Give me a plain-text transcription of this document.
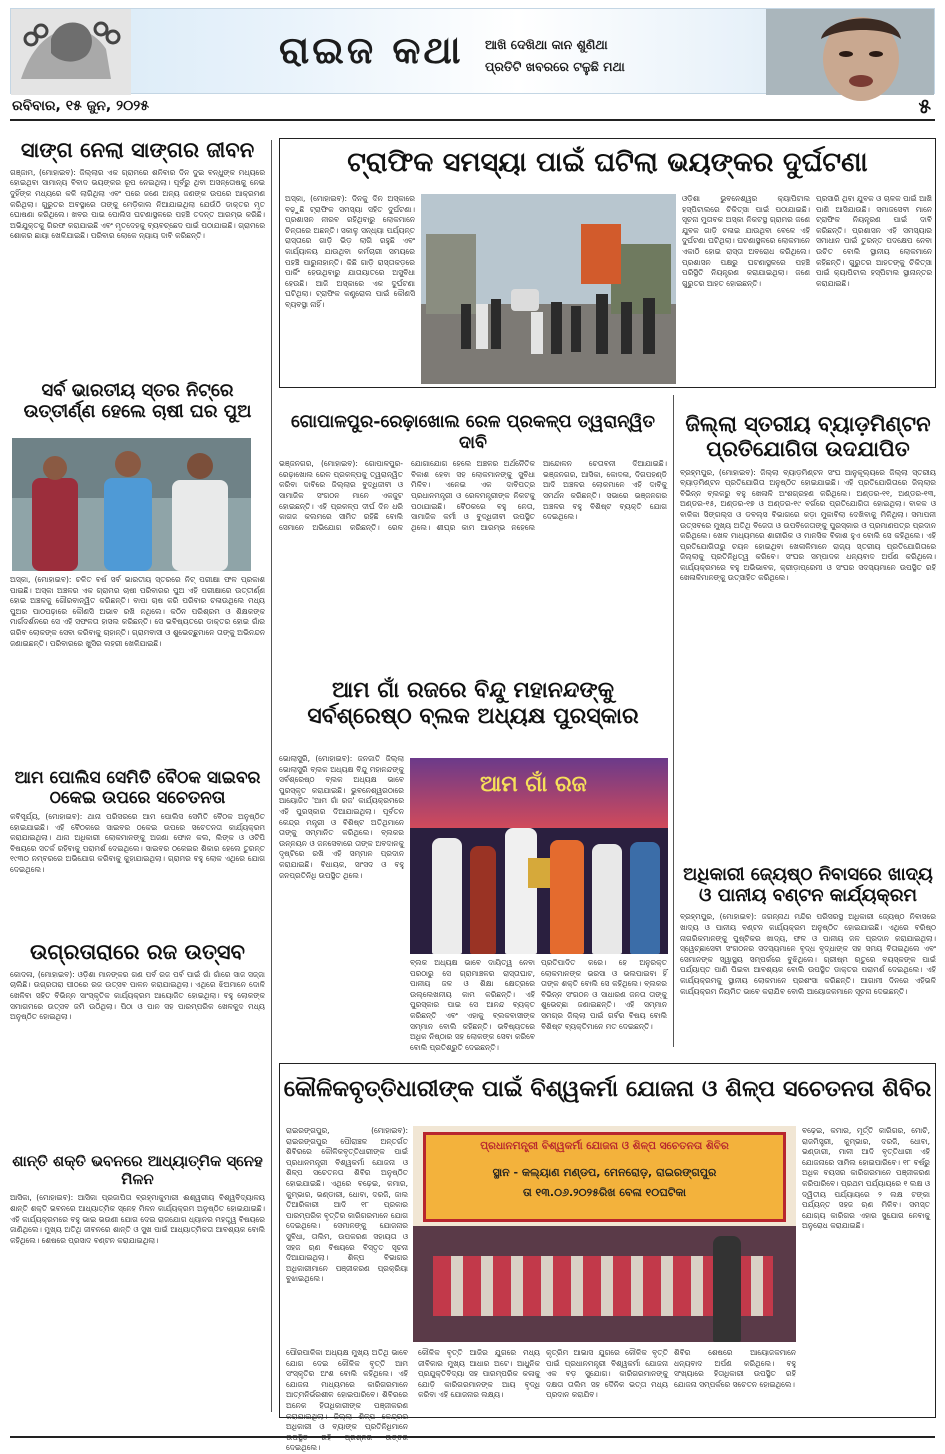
ରାଇଜ କଥା ଆଖି ଦେଖିଥା କାନ ଶୁଣିଥା
ପ୍ରତିଟି ଖବରରେ ଟଳୁଛି ମଥା
ରବିବାର, ୧୫ ଜୁନ, ୨୦୨୫	୫
ସାଙ୍ଗ ନେଲା ସାଙ୍ଗର ଜୀବନ
ଗଞ୍ଜାମ, (ମୋହାଇବ): ଜିଲ୍ଲାର ଏକ ଗ୍ରାମରେ ଶନିବାର ଦିନ ଦୁଇ ବନ୍ଧୁଙ୍କ ମଧ୍ୟରେ ହୋଇଥିବା ସାମାନ୍ୟ ବିବାଦ ଭୟଙ୍କର ରୂପ ନେଇଥିଲା। ପୂର୍ବରୁ ଥିବା ଅସନ୍ତୋଷକୁ ନେଇ ଦୁହିଁଙ୍କ ମଧ୍ୟରେ କଳି ଲାଗିଥିଲା ଏବଂ ପରେ ଜଣେ ଅନ୍ୟ ଜଣଙ୍କ ଉପରେ ଆକ୍ରମଣ କରିଥିଲା। ଗୁରୁତର ଅବସ୍ଥାରେ ତାଙ୍କୁ ମେଡ଼ିକାଲ ନିଆଯାଇଥିଲା ଯେଉଁଠି ଡାକ୍ତର ମୃତ ଘୋଷଣା କରିଥିଲେ। ଖବର ପାଇ ପୋଲିସ ଘଟଣାସ୍ଥଳରେ ପହଞ୍ଚି ତଦନ୍ତ ଆରମ୍ଭ କରିଛି। ଅଭିଯୁକ୍ତକୁ ଗିରଫ କରାଯାଇଛି ଏବଂ ମୃତଦେହକୁ ବ୍ୟବଚ୍ଛେଦ ପାଇଁ ପଠାଯାଇଛି। ଗ୍ରାମରେ ଶୋକର ଛାୟା ଖେଳିଯାଇଛି। ପରିବାର ଲୋକେ ନ୍ୟାୟ ଦାବି କରିଛନ୍ତି।
ସର୍ବ ଭାରତୀୟ ସ୍ତର ନିଟ୍‌ରେ ଉତ୍ତୀର୍ଣ୍ଣ ହେଲେ ଚାଷୀ ଘର ପୁଅ
ଅସ୍କା, (ମୋହାଇବ): ଚଳିତ ବର୍ଷ ସର୍ବ ଭାରତୀୟ ସ୍ତରରେ ନିଟ୍ ପରୀକ୍ଷା ଫଳ ପ୍ରକାଶ ପାଇଛି। ଅସ୍କା ଅଞ୍ଚଳର ଏକ ଗ୍ରାମର ଚାଷୀ ପରିବାରର ପୁଅ ଏହି ପରୀକ୍ଷାରେ ଉତ୍ତୀର୍ଣ୍ଣ ହୋଇ ଅଞ୍ଚଳକୁ ଗୌରବାନ୍ୱିତ କରିଛନ୍ତି। ବାପା ଚାଷ କରି ପରିବାର ଚଳାଉଥିଲେ ମଧ୍ୟ ପୁଅର ପାଠପଢ଼ାରେ କୌଣସି ଅଭାବ ରଖି ନଥିଲେ। କଠିନ ପରିଶ୍ରମ ଓ ଶିକ୍ଷକଙ୍କ ମାର୍ଗଦର୍ଶନରେ ସେ ଏହି ସଫଳତା ହାସଲ କରିଛନ୍ତି। ସେ ଭବିଷ୍ୟତରେ ଡାକ୍ତର ହୋଇ ଗାଁର ଗରିବ ଲୋକଙ୍କ ସେବା କରିବାକୁ ଚାହାନ୍ତି। ଗ୍ରାମବାସୀ ଓ ଶୁଭେଚ୍ଛୁମାନେ ତାଙ୍କୁ ଅଭିନନ୍ଦନ ଜଣାଇଛନ୍ତି। ପରିବାରରେ ଖୁସିର ଲହରୀ ଖେଳିଯାଇଛି।
ଆମ ପୋଲିସ ସେମିତି ବୈଠକ ସାଇବର ଠକେଇ ଉପରେ ସଚେତନତା
କବିସୂର୍ଯ୍ୟ, (ମୋହାଇବ): ଥାନା ପରିସରରେ ଆମ ପୋଲିସ ସେମିତି ବୈଠକ ଅନୁଷ୍ଠିତ ହୋଇଯାଇଛି। ଏହି ବୈଠକରେ ସାଇବର ଠକେଇ ଉପରେ ସଚେତନତା କାର୍ଯ୍ୟକ୍ରମ କରାଯାଇଥିଲା। ଥାନା ଅଧିକାରୀ ଲୋକମାନଙ୍କୁ ଅଜଣା ଫୋନ କଲ, ଲିଙ୍କ ଓ ଓଟିପି ବିଷୟରେ ସତର୍କ ରହିବାକୁ ପରାମର୍ଶ ଦେଇଥିଲେ। ସାଇବର ଠକେଇର ଶିକାର ହେଲେ ତୁରନ୍ତ ୧୯୩୦ ନମ୍ବରରେ ଅଭିଯୋଗ କରିବାକୁ କୁହାଯାଇଥିଲା। ଗ୍ରାମର ବହୁ ଲୋକ ଏଥିରେ ଯୋଗ ଦେଇଥିଲେ।
ଉଗ୍ରତାରାରେ ରଜ ଉତ୍ସବ
କୋଦଳା, (ମୋହାଇବ): ଓଡ଼ିଶା ମାନଙ୍କର ଗଣ ପର୍ବ ରଜ ପର୍ବ ପାଇଁ ଗାଁ ଗାଁରେ ସାଜ ସଜ୍ଜା ଚାଲିଛି। ଉଗ୍ରତାରା ପୀଠରେ ରଜ ଉତ୍ସବ ପାଳନ କରାଯାଇଥିଲା। ଏଥିରେ ଝିଅମାନେ ଦୋଳି ଖେଳିବା ସହିତ ବିଭିନ୍ନ ସାଂସ୍କୃତିକ କାର୍ଯ୍ୟକ୍ରମ ଆୟୋଜିତ ହୋଇଥିଲା। ବହୁ ଲୋକଙ୍କ ସମାଗମରେ ଉତ୍ସବ ଜମି ଉଠିଥିଲା। ପିଠା ଓ ପାନ ସହ ପାରମ୍ପରିକ ଖେଳକୁଦ ମଧ୍ୟ ଅନୁଷ୍ଠିତ ହୋଇଥିଲା।
ଶାନ୍ତି ଶକ୍ତି ଭବନରେ ଆଧ୍ୟାତ୍ମିକ ସ୍ନେହ ମିଳନ
ଆସିକା, (ମୋହାଇବ): ଆସିକା ପ୍ରଜାପିତା ବ୍ରହ୍ମାକୁମାରୀ ଈଶ୍ୱରୀୟ ବିଶ୍ୱବିଦ୍ୟାଳୟ ଶାନ୍ତି ଶକ୍ତି ଭବନରେ ଆଧ୍ୟାତ୍ମିକ ସ୍ନେହ ମିଳନ କାର୍ଯ୍ୟକ୍ରମ ଅନୁଷ୍ଠିତ ହୋଇଯାଇଛି। ଏହି କାର୍ଯ୍ୟକ୍ରମରେ ବହୁ ଭାଇ ଭଉଣୀ ଯୋଗ ଦେଇ ରାଜଯୋଗ ଧ୍ୟାନର ମହତ୍ତ୍ୱ ବିଷୟରେ ଜାଣିଥିଲେ। ମୁଖ୍ୟ ଅତିଥି ଜୀବନରେ ଶାନ୍ତି ଓ ସୁଖ ପାଇଁ ଆଧ୍ୟାତ୍ମିକତା ଆବଶ୍ୟକ ବୋଲି କହିଥିଲେ। ଶେଷରେ ପ୍ରସାଦ ବଣ୍ଟନ କରାଯାଇଥିଲା।
ଟ୍ରାଫିକ ସମସ୍ୟା ପାଇଁ ଘଟିଲା ଭୟଙ୍କର ଦୁର୍ଘଟଣା
ଅସ୍କା, (ମୋହାଇବ): ଦିନକୁ ଦିନ ଅସ୍କାରେ ବଢ଼ୁଛି ଟ୍ରାଫିକ ସମସ୍ୟା ସହିତ ଦୁର୍ଘଟଣା। ପ୍ରଶାସନ ନୀରବ ରହିଥିବାରୁ ଲୋକମାନେ ଚିନ୍ତାରେ ଅଛନ୍ତି। ସକାଳୁ ସନ୍ଧ୍ୟା ପର୍ଯ୍ୟନ୍ତ ରାସ୍ତାରେ ଗାଡ଼ି ଭିଡ଼ ଲାଗି ରହୁଛି ଏବଂ କାର୍ଯ୍ୟାଳୟ ଯାଉଥିବା କର୍ମଚାରୀ ସମୟରେ ପହଞ୍ଚି ପାରୁନାହାନ୍ତି। କିଛି ଗାଡ଼ି ରାସ୍ତାକଡ଼ରେ ପାର୍କିଂ ହେଉଥିବାରୁ ଯାତାୟାତରେ ଅସୁବିଧା ହେଉଛି। ଆଜି ଅସ୍କାରେ ଏକ ଦୁର୍ଘଟଣା ଘଟିଥିଲା। ଟ୍ରାଫିକ କଣ୍ଟ୍ରୋଲ ପାଇଁ କୌଣସି ବ୍ୟବସ୍ଥା ନାହିଁ।
ଓଡ଼ିଶା ଭୁବନେଶ୍ୱର କ୍ୟାପିଟାଲ ହସ୍ପିଟାଲରେ ଚିକିତ୍ସା ପାଇଁ ପଠାଯାଇଛି। ସୂଚନା ମୁତାବକ ଅସ୍କା ନିକଟସ୍ଥ ଗ୍ରାମର ଜଣେ ଯୁବକ ଗାଡ଼ି ଚଳାଇ ଯାଉଥିବା ବେଳେ ଏହି ଦୁର୍ଘଟଣା ଘଟିଥିଲା। ଘଟଣାସ୍ଥଳରେ ଲୋକମାନେ ଏକାଠି ହୋଇ ରାସ୍ତା ଅବରୋଧ କରିଥିଲେ। ପ୍ରଶାସନ ପକ୍ଷରୁ ଘଟଣାସ୍ଥଳରେ ପହଞ୍ଚି ପରିସ୍ଥିତି ନିୟନ୍ତ୍ରଣ କରାଯାଇଥିଲା। ଜଣେ ଗୁରୁତର ଆହତ ହୋଇଛନ୍ତି।
ପ୍ରସାରି ଥିବା ଯୁବକ ଓ ଚାଳକ ପାଇଁ ଆଖି ପାଣି ଆସିଯାଉଛି। ସମାଜସେବୀ ମାନେ ଟ୍ରାଫିକ ନିୟନ୍ତ୍ରଣ ପାଇଁ ଦାବି କରିଛନ୍ତି। ପ୍ରଶାସନ ଏହି ସମସ୍ୟାର ସମାଧାନ ପାଇଁ ତୁରନ୍ତ ପଦକ୍ଷେପ ନେବା ଉଚିତ ବୋଲି ସ୍ଥାନୀୟ ଲୋକମାନେ କହିଛନ୍ତି। ଗୁରୁତର ଆହତଙ୍କୁ ଚିକିତ୍ସା ପାଇଁ କ୍ୟାପିଟାଲ ହସ୍ପିଟାଲ ସ୍ଥାନାନ୍ତର କରାଯାଇଛି।
ଗୋପାଳପୁର-ରେଢ଼ାଖୋଲ ରେଳ ପ୍ରକଳ୍ପ ତ୍ୱରାନ୍ୱିତ ଦାବି
ଭଞ୍ଜନଗର, (ମୋହାଇବ): ଗୋପାଳପୁର-ରେଢ଼ାଖୋଲ ରେଳ ପ୍ରକଳ୍ପକୁ ତ୍ୱରାନ୍ୱିତ କରିବା ଦାବିରେ ଜିଲ୍ଲାର ବୁଦ୍ଧିଜୀବୀ ଓ ସାମାଜିକ ସଂଗଠନ ମାନେ ଏକଜୁଟ ହୋଇଛନ୍ତି। ଏହି ପ୍ରକଳ୍ପ ଦୀର୍ଘ ଦିନ ଧରି କାଗଜ କଲମରେ ସୀମିତ ରହିଛି ବୋଲି ସେମାନେ ଅଭିଯୋଗ କରିଛନ୍ତି। ରେଳ ଯୋଗାଯୋଗ ହେଲେ ଅଞ୍ଚଳର ଅର୍ଥନୈତିକ ବିକାଶ ହେବା ସହ ଲୋକମାନଙ୍କୁ ସୁବିଧା ମିଳିବ। ଏନେଇ ଏକ ଦାବିପତ୍ର ପ୍ରଧାନମନ୍ତ୍ରୀ ଓ ରେଳମନ୍ତ୍ରୀଙ୍କ ନିକଟକୁ ପଠାଯାଇଛି। ବୈଠକରେ ବହୁ ନେତା, ସାମାଜିକ କର୍ମୀ ଓ ବୁଦ୍ଧିଜୀବୀ ଉପସ୍ଥିତ ଥିଲେ। ଶୀଘ୍ର କାମ ଆରମ୍ଭ ନହେଲେ ଆନ୍ଦୋଳନ ଚେତାବନୀ ଦିଆଯାଇଛି। ଭଞ୍ଜନଗର, ଆସିକା, କୋଦଳା, ଦିଗପହଣ୍ଡି ଆଦି ଅଞ୍ଚଳର ଲୋକମାନେ ଏହି ଦାବିକୁ ସମର୍ଥନ କରିଛନ୍ତି। ସଭାରେ ଭଞ୍ଜନଗର ଅଞ୍ଚଳର ବହୁ ବିଶିଷ୍ଟ ବ୍ୟକ୍ତି ଯୋଗ ଦେଇଥିଲେ।
ଜିଲ୍ଲା ସ୍ତରୀୟ ବ୍ୟାଡ଼ମିଣ୍ଟନ ପ୍ରତିଯୋଗିତା ଉଦଯାପିତ
ବ୍ରହ୍ମପୁର, (ମୋହାଇବ): ଜିଲ୍ଲା ବ୍ୟାଡ଼ମିଣ୍ଟନ ସଂଘ ଆନୁକୂଲ୍ୟରେ ଜିଲ୍ଲା ସ୍ତରୀୟ ବ୍ୟାଡ଼ମିଣ୍ଟନ ପ୍ରତିଯୋଗିତା ଅନୁଷ୍ଠିତ ହୋଇଯାଇଛି। ଏହି ପ୍ରତିଯୋଗିତାରେ ଜିଲ୍ଲାର ବିଭିନ୍ନ ବ୍ଲକରୁ ବହୁ ଖେଳାଳି ଅଂଶଗ୍ରହଣ କରିଥିଲେ। ଅଣ୍ଡର-୧୧, ଅଣ୍ଡର-୧୩, ଅଣ୍ଡର-୧୫, ଅଣ୍ଡର-୧୭ ଓ ଅଣ୍ଡର-୧୯ ବର୍ଗରେ ପ୍ରତିଯୋଗିତା ହୋଇଥିଲା। ବାଳକ ଓ ବାଳିକା ସିଙ୍ଗଲ୍ସ ଓ ଡବଲ୍ସ ବିଭାଗରେ କଡ଼ା ମୁକାବିଲା ଦେଖିବାକୁ ମିଳିଥିଲା। ସମାପନୀ ଉତ୍ସବରେ ମୁଖ୍ୟ ଅତିଥି ବିଜେତା ଓ ଉପବିଜେତାଙ୍କୁ ପୁରସ୍କାର ଓ ପ୍ରମାଣପତ୍ର ପ୍ରଦାନ କରିଥିଲେ। ଖେଳ ମାଧ୍ୟମରେ ଶାରୀରିକ ଓ ମାନସିକ ବିକାଶ ହୁଏ ବୋଲି ସେ କହିଥିଲେ। ଏହି ପ୍ରତିଯୋଗିତାରୁ ଚୟନ ହୋଇଥିବା ଖେଳାଳିମାନେ ରାଜ୍ୟ ସ୍ତରୀୟ ପ୍ରତିଯୋଗିତାରେ ଜିଲ୍ଲାକୁ ପ୍ରତିନିଧିତ୍ୱ କରିବେ। ସଂଘର ସମ୍ପାଦକ ଧନ୍ୟବାଦ ଅର୍ପଣ କରିଥିଲେ। କାର୍ଯ୍ୟକ୍ରମରେ ବହୁ ଅଭିଭାବକ, କ୍ରୀଡ଼ାପ୍ରେମୀ ଓ ସଂଘର ସଦସ୍ୟମାନେ ଉପସ୍ଥିତ ରହି ଖେଳାଳିମାନଙ୍କୁ ଉତ୍ସାହିତ କରିଥିଲେ।
ଆମ ଗାଁ ରଜରେ ବିନ୍ଦୁ ମହାନନ୍ଦଙ୍କୁ
ସର୍ବଶ୍ରେଷ୍ଠ ବ୍ଲକ ଅଧ୍ୟକ୍ଷ ପୁରସ୍କାର
ଭୋଲାସୁରି, (ମୋହାଇବ): ଜନଜାତି ଜିଲ୍ଲା ଭୋଲାସୁରି ବ୍ଲକ ଅଧ୍ୟକ୍ଷ ବିନ୍ଦୁ ମହାନନ୍ଦଙ୍କୁ ସର୍ବଶ୍ରେଷ୍ଠ ବ୍ଲକ ଅଧ୍ୟକ୍ଷ ଭାବେ ପୁରସ୍କୃତ କରାଯାଇଛି। ଭୁବନେଶ୍ୱରଠାରେ ଆୟୋଜିତ 'ଆମ ଗାଁ ରଜ' କାର୍ଯ୍ୟକ୍ରମରେ ଏହି ପୁରସ୍କାର ଦିଆଯାଇଥିଲା। ପୂର୍ବତନ କେନ୍ଦ୍ର ମନ୍ତ୍ରୀ ଓ ବିଶିଷ୍ଟ ଅତିଥିମାନେ ତାଙ୍କୁ ସମ୍ମାନିତ କରିଥିଲେ। ବ୍ଲକର ଉନ୍ନୟନ ଓ ଜନସେବାରେ ତାଙ୍କ ଅବଦାନକୁ ଦୃଷ୍ଟିରେ ରଖି ଏହି ସମ୍ମାନ ପ୍ରଦାନ କରାଯାଇଛି। ବିଧାୟକ, ସାଂସଦ ଓ ବହୁ ଜନପ୍ରତିନିଧି ଉପସ୍ଥିତ ଥିଲେ।
ବ୍ଲକ ଅଧ୍ୟକ୍ଷ ଭାବେ ଦାୟିତ୍ୱ ନେବା ପରଠାରୁ ସେ ଗ୍ରାମାଞ୍ଚଳର ରାସ୍ତାଘାଟ, ପାନୀୟ ଜଳ ଓ ଶିକ୍ଷା କ୍ଷେତ୍ରରେ ଉଲ୍ଲେଖନୀୟ କାମ କରିଛନ୍ତି। ଏହି ପୁରସ୍କାର ପାଇ ସେ ଆନନ୍ଦ ବ୍ୟକ୍ତ କରିଛନ୍ତି ଏବଂ ଏହାକୁ ବ୍ଲକବାସୀଙ୍କ ସମ୍ମାନ ବୋଲି କହିଛନ୍ତି। ଭବିଷ୍ୟତରେ ଅଧିକ ନିଷ୍ଠାର ସହ ଲୋକଙ୍କ ସେବା କରିବେ ବୋଲି ପ୍ରତିଶ୍ରୁତି ଦେଇଛନ୍ତି।
ପ୍ରତିପାଦିତ କରେ। ହେ ଅନୁରକ୍ତ ଲୋକମାନଙ୍କ ଭରସା ଓ ଭଲପାଇବା ହିଁ ତାଙ୍କ ଶକ୍ତି ବୋଲି ସେ କହିଥିଲେ। ବ୍ଲକର ବିଭିନ୍ନ ସଂଗଠନ ଓ ସାଧାରଣ ଜନତା ତାଙ୍କୁ ଶୁଭେଚ୍ଛା ଜଣାଇଛନ୍ତି। ଏହି ସମ୍ମାନ ସମଗ୍ର ଜିଲ୍ଲା ପାଇଁ ଗର୍ବର ବିଷୟ ବୋଲି ବିଶିଷ୍ଟ ବ୍ୟକ୍ତିମାନେ ମତ ଦେଇଛନ୍ତି।
ଆମ ଗାଁ ରଜ
ଅଧିକାରୀ ଜ୍ୟେଷ୍ଠ ନିବାସରେ ଖାଦ୍ୟ ଓ ପାନୀୟ ବଣ୍ଟନ କାର୍ଯ୍ୟକ୍ରମ
ବ୍ରହ୍ମପୁର, (ମୋହାଇବ): ଜଗନ୍ନାଥ ମନ୍ଦିର ପରିସରସ୍ଥ ଅଧିକାରୀ ଜ୍ୟେଷ୍ଠ ନିବାସରେ ଖାଦ୍ୟ ଓ ପାନୀୟ ବଣ୍ଟନ କାର୍ଯ୍ୟକ୍ରମ ଅନୁଷ୍ଠିତ ହୋଇଯାଇଛି। ଏଥିରେ ବରିଷ୍ଠ ନାଗରିକମାନଙ୍କୁ ପୁଷ୍ଟିକର ଖାଦ୍ୟ, ଫଳ ଓ ପାନୀୟ ଜଳ ପ୍ରଦାନ କରାଯାଇଥିଲା। ସ୍ୱେଚ୍ଛାସେବୀ ସଂଗଠନର ସଦସ୍ୟମାନେ ବୃଦ୍ଧ ବୃଦ୍ଧାଙ୍କ ସହ ସମୟ ବିତାଇଥିଲେ ଏବଂ ସେମାନଙ୍କ ସ୍ୱାସ୍ଥ୍ୟ ସମ୍ପର୍କରେ ବୁଝିଥିଲେ। ଗ୍ରୀଷ୍ମ ଋତୁରେ ବୟସ୍କଙ୍କ ପାଇଁ ପର୍ଯ୍ୟାପ୍ତ ପାଣି ପିଇବା ଆବଶ୍ୟକ ବୋଲି ଉପସ୍ଥିତ ଡାକ୍ତର ପରାମର୍ଶ ଦେଇଥିଲେ। ଏହି କାର୍ଯ୍ୟକ୍ରମକୁ ସ୍ଥାନୀୟ ଲୋକମାନେ ପ୍ରଶଂସା କରିଛନ୍ତି। ଆଗାମୀ ଦିନରେ ଏହିଭଳି କାର୍ଯ୍ୟକ୍ରମ ନିୟମିତ ଭାବେ କରାଯିବ ବୋଲି ଆୟୋଜକମାନେ ସୂଚନା ଦେଇଛନ୍ତି।
କୌଳିକବୃତ୍ତିଧାରୀଙ୍କ ପାଇଁ ବିଶ୍ୱକର୍ମା ଯୋଜନା ଓ ଶିଳ୍ପ ସଚେତନତା ଶିବିର
ରାଇରଙ୍ଗପୁର, (ମୋହାଇବ): ରାଇରଙ୍ଗପୁର ପୌରାଞ୍ଚଳ ଅନ୍ତର୍ଗତ ଶିବିରରେ କୌଳିକବୃତ୍ତିଧାରୀଙ୍କ ପାଇଁ ପ୍ରଧାନମନ୍ତ୍ରୀ ବିଶ୍ୱକର୍ମା ଯୋଜନା ଓ ଶିଳ୍ପ ସଚେତନତା ଶିବିର ଅନୁଷ୍ଠିତ ହୋଇଯାଇଛି। ଏଥିରେ ବଢ଼େଇ, କମାର, କୁମ୍ଭାର, ଭଣ୍ଡାରୀ, ଧୋବା, ଦରଜି, ଜାଲ ତିଆରିକାରୀ ଆଦି ୧୮ ପ୍ରକାର ପାରମ୍ପରିକ ବୃତ୍ତିର କାରିଗରମାନେ ଯୋଗ ଦେଇଥିଲେ। ସେମାନଙ୍କୁ ଯୋଜନାର ସୁବିଧା, ତାଲିମ, ଉପକରଣ ସହାୟତା ଓ ସହଜ ଋଣ ବିଷୟରେ ବିସ୍ତୃତ ସୂଚନା ଦିଆଯାଇଥିଲା। ଶିଳ୍ପ ବିଭାଗର ଅଧିକାରୀମାନେ ପଞ୍ଜୀକରଣ ପ୍ରକ୍ରିୟା ବୁଝାଇଥିଲେ।
ପ୍ରଧାନମନ୍ତ୍ରୀ ବିଶ୍ୱକର୍ମା ଯୋଜନା ଓ ଶିଳ୍ପ ସଚେତନତା ଶିବିର
ସ୍ଥାନ - କଲ୍ୟାଣ ମଣ୍ଡପ, ମେନରୋଡ଼, ରାଇରଙ୍ଗପୁର
ତା ୧୩.୦୬.୨୦୨୫ରିଖ ବେଳା ୧୦ଘଟିକା
ବଢ଼େଇ, କମାର, ମୂର୍ତ୍ତି କାରିଗର, ମୋଚି, ରାଜମିସ୍ତ୍ରୀ, କୁମ୍ଭାର, ଦରଜି, ଧୋବା, ଭଣ୍ଡାରୀ, ମାଳୀ ଆଦି ବୃତ୍ତିଧାରୀ ଏହି ଯୋଜନାରେ ସାମିଲ ହୋଇପାରିବେ। ୧୮ ବର୍ଷରୁ ଅଧିକ ବୟସର କାରିଗରମାନେ ପଞ୍ଜୀକରଣ କରିପାରିବେ। ପ୍ରଥମ ପର୍ଯ୍ୟାୟରେ ୧ ଲକ୍ଷ ଓ ଦ୍ୱିତୀୟ ପର୍ଯ୍ୟାୟରେ ୨ ଲକ୍ଷ ଟଙ୍କା ପର୍ଯ୍ୟନ୍ତ ସହଜ ଋଣ ମିଳିବ। ସମସ୍ତ ଯୋଗ୍ୟ କାରିଗର ଏହାର ସୁଯୋଗ ନେବାକୁ ଅନୁରୋଧ କରାଯାଇଛି।
ପୌରପାଳିକା ଅଧ୍ୟକ୍ଷ ମୁଖ୍ୟ ଅତିଥି ଭାବେ ଯୋଗ ଦେଇ କୌଳିକ ବୃତ୍ତି ଆମ ସଂସ୍କୃତିର ଅଂଶ ବୋଲି କହିଥିଲେ। ଏହି ଯୋଜନା ମାଧ୍ୟମରେ କାରିଗରମାନେ ଆତ୍ମନିର୍ଭରଶୀଳ ହୋଇପାରିବେ। ଶିବିରରେ ଅନେକ ହିତାଧିକାରୀଙ୍କ ପଞ୍ଜୀକରଣ କରାଯାଇଥିଲା। ଜିଲ୍ଲା ଶିଳ୍ପ କେନ୍ଦ୍ରର ଅଧିକାରୀ ଓ ବ୍ୟାଙ୍କ ପ୍ରତିନିଧିମାନେ ଉପସ୍ଥିତ ରହି ପ୍ରଶ୍ନର ଉତ୍ତର ଦେଇଥିଲେ।
କୌଳିକ ବୃତ୍ତି ଆଜିର ଯୁଗରେ ମଧ୍ୟ ଜୀବିକାର ମୁଖ୍ୟ ଆଧାର ଅଟେ। ଆଧୁନିକ ପ୍ରଯୁକ୍ତିବିଦ୍ୟା ସହ ପାରମ୍ପରିକ କଳାକୁ ଯୋଡ଼ି କାରିଗରମାନଙ୍କ ଆୟ ବୃଦ୍ଧି କରିବା ଏହି ଯୋଜନାର ଲକ୍ଷ୍ୟ।
କୃତ୍ରିମ ଆଭାସ ଯୁଗରେ କୌଳିକ ବୃତ୍ତି ପାଇଁ ପ୍ରଧାନମନ୍ତ୍ରୀ ବିଶ୍ୱକର୍ମା ଯୋଜନା ଏକ ବଡ଼ ସୁଯୋଗ। କାରିଗରମାନଙ୍କୁ ଦକ୍ଷତା ତାଲିମ ସହ ଦୈନିକ ଭତ୍ତା ମଧ୍ୟ ପ୍ରଦାନ କରାଯିବ।
ଶିବିର ଶେଷରେ ଆୟୋଜକମାନେ ଧନ୍ୟବାଦ ଅର୍ପଣ କରିଥିଲେ। ବହୁ ସଂଖ୍ୟାରେ ହିତାଧିକାରୀ ଉପସ୍ଥିତ ରହି ଯୋଜନା ସମ୍ପର୍କରେ ସଚେତନ ହୋଇଥିଲେ।
